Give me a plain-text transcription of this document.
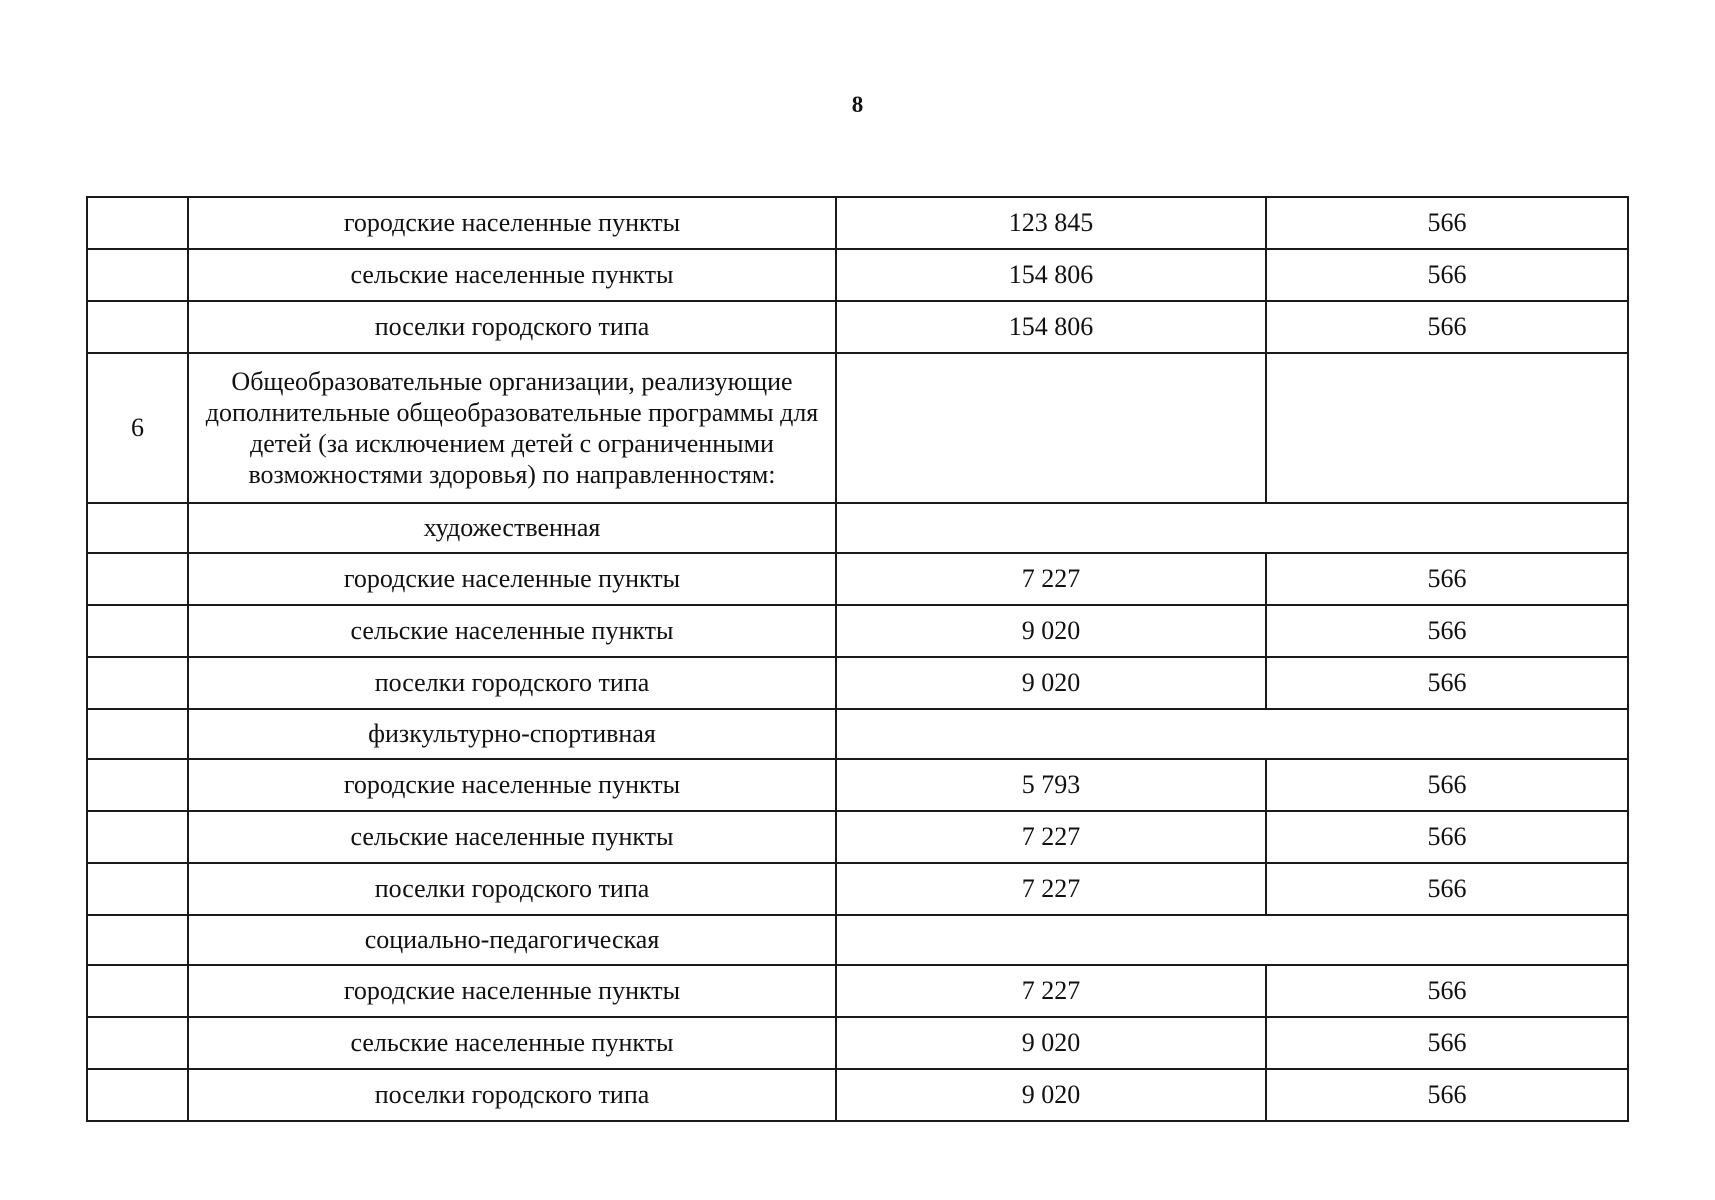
8
	городские населенные пункты	123 845	566
	сельские населенные пункты	154 806	566
	поселки городского типа	154 806	566
6	Общеобразовательные организации, реализующие дополнительные общеобразовательные программы для детей (за исключением детей с ограниченными возможностями здоровья) по направленностям:		
	художественная		
	городские населенные пункты	7 227	566
	сельские населенные пункты	9 020	566
	поселки городского типа	9 020	566
	физкультурно-спортивная		
	городские населенные пункты	5 793	566
	сельские населенные пункты	7 227	566
	поселки городского типа	7 227	566
	социально-педагогическая		
	городские населенные пункты	7 227	566
	сельские населенные пункты	9 020	566
	поселки городского типа	9 020	566
